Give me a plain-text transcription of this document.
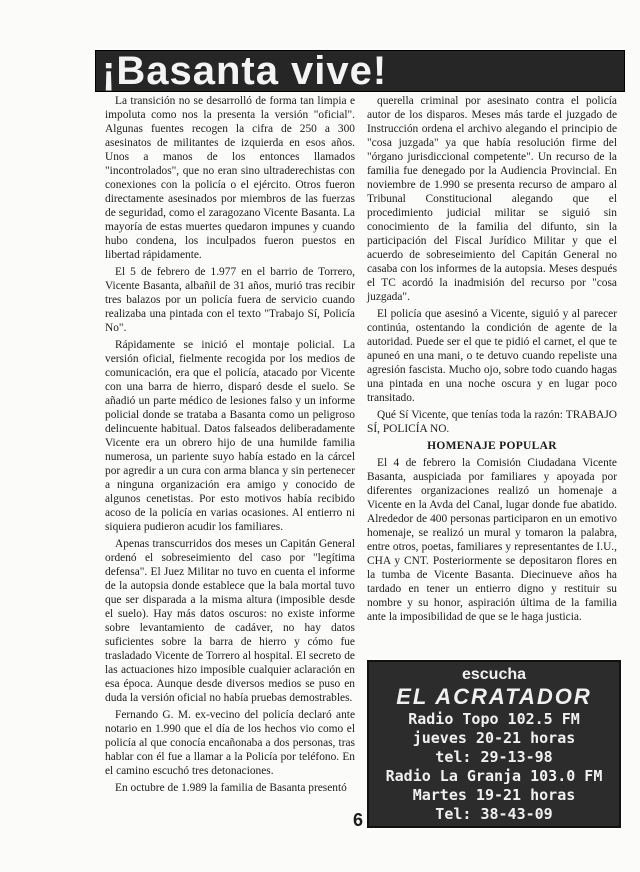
¡Basanta vive!

La transición no se desarrolló de forma tan limpia e impoluta como nos la presenta la versión "oficial". Algunas fuentes recogen la cifra de 250 a 300 asesinatos de militantes de izquierda en esos años. Unos a manos de los entonces llamados "incontrolados", que no eran sino ultraderechistas con conexiones con la policía o el ejército. Otros fueron directamente asesinados por miembros de las fuerzas de seguridad, como el zaragozano Vicente Basanta. La mayoría de estas muertes quedaron impunes y cuando hubo condena, los inculpados fueron puestos en libertad rápidamente.

El 5 de febrero de 1.977 en el barrio de Torrero, Vicente Basanta, albañil de 31 años, murió tras recibir tres balazos por un policía fuera de servicio cuando realizaba una pintada con el texto "Trabajo Sí, Policía No".

Rápidamente se inició el montaje policial. La versión oficial, fielmente recogida por los medios de comunicación, era que el policía, atacado por Vicente con una barra de hierro, disparó desde el suelo. Se añadió un parte médico de lesiones falso y un informe policial donde se trataba a Basanta como un peligroso delincuente habitual. Datos falseados deliberadamente Vicente era un obrero hijo de una humilde familia numerosa, un pariente suyo había estado en la cárcel por agredir a un cura con arma blanca y sin pertenecer a ninguna organización era amigo y conocido de algunos cenetistas. Por esto motivos había recibido acoso de la policía en varias ocasiones. Al entierro ni siquiera pudieron acudir los familiares.

Apenas transcurridos dos meses un Capitán General ordenó el sobreseimiento del caso por "legítima defensa". El Juez Militar no tuvo en cuenta el informe de la autopsia donde establece que la bala mortal tuvo que ser disparada a la misma altura (imposible desde el suelo). Hay más datos oscuros: no existe informe sobre levantamiento de cadáver, no hay datos suficientes sobre la barra de hierro y cómo fue trasladado Vicente de Torrero al hospital. El secreto de las actuaciones hizo imposible cualquier aclaración en esa época. Aunque desde diversos medios se puso en duda la versión oficial no había pruebas demostrables.

Fernando G. M. ex-vecino del policía declaró ante notario en 1.990 que el día de los hechos vio como el policía al que conocía encañonaba a dos personas, tras hablar con él fue a llamar a la Policía por teléfono. En el camino escuchó tres detonaciones.

En octubre de 1.989 la familia de Basanta presentó

6

querella criminal por asesinato contra el policía autor de los disparos. Meses más tarde el juzgado de Instrucción ordena el archivo alegando el principio de "cosa juzgada" ya que había resolución firme del "órgano jurisdiccional competente". Un recurso de la familia fue denegado por la Audiencia Provincial. En noviembre de 1.990 se presenta recurso de amparo al Tribunal Constitucional alegando que el procedimiento judicial militar se siguió sin conocimiento de la familia del difunto, sin la participación del Fiscal Jurídico Militar y que el acuerdo de sobreseimiento del Capitán General no casaba con los informes de la autopsia. Meses después el TC acordó la inadmisión del recurso por "cosa juzgada".

El policía que asesinó a Vicente, siguió y al parecer continúa, ostentando la condición de agente de la autoridad. Puede ser el que te pidió el carnet, el que te apuneó en una mani, o te detuvo cuando repeliste una agresión fascista. Mucho ojo, sobre todo cuando hagas una pintada en una noche oscura y en lugar poco transitado.

Qué Sí Vicente, que tenías toda la razón: TRABAJO SÍ, POLICÍA NO.

HOMENAJE POPULAR

El 4 de febrero la Comisión Ciudadana Vicente Basanta, auspiciada por familiares y apoyada por diferentes organizaciones realizó un homenaje a Vicente en la Avda del Canal, lugar donde fue abatido. Alrededor de 400 personas participaron en un emotivo homenaje, se realizó un mural y tomaron la palabra, entre otros, poetas, familiares y representantes de I.U., CHA y CNT. Posteriormente se depositaron flores en la tumba de Vicente Basanta. Diecinueve años ha tardado en tener un entierro digno y restituir su nombre y su honor, aspiración última de la familia ante la imposibilidad de que se le haga justicia.

escucha
EL ACRATADOR
Radio Topo 102.5 FM
jueves 20-21 horas
tel: 29-13-98
Radio La Granja 103.0 FM
Martes 19-21 horas
Tel: 38-43-09
